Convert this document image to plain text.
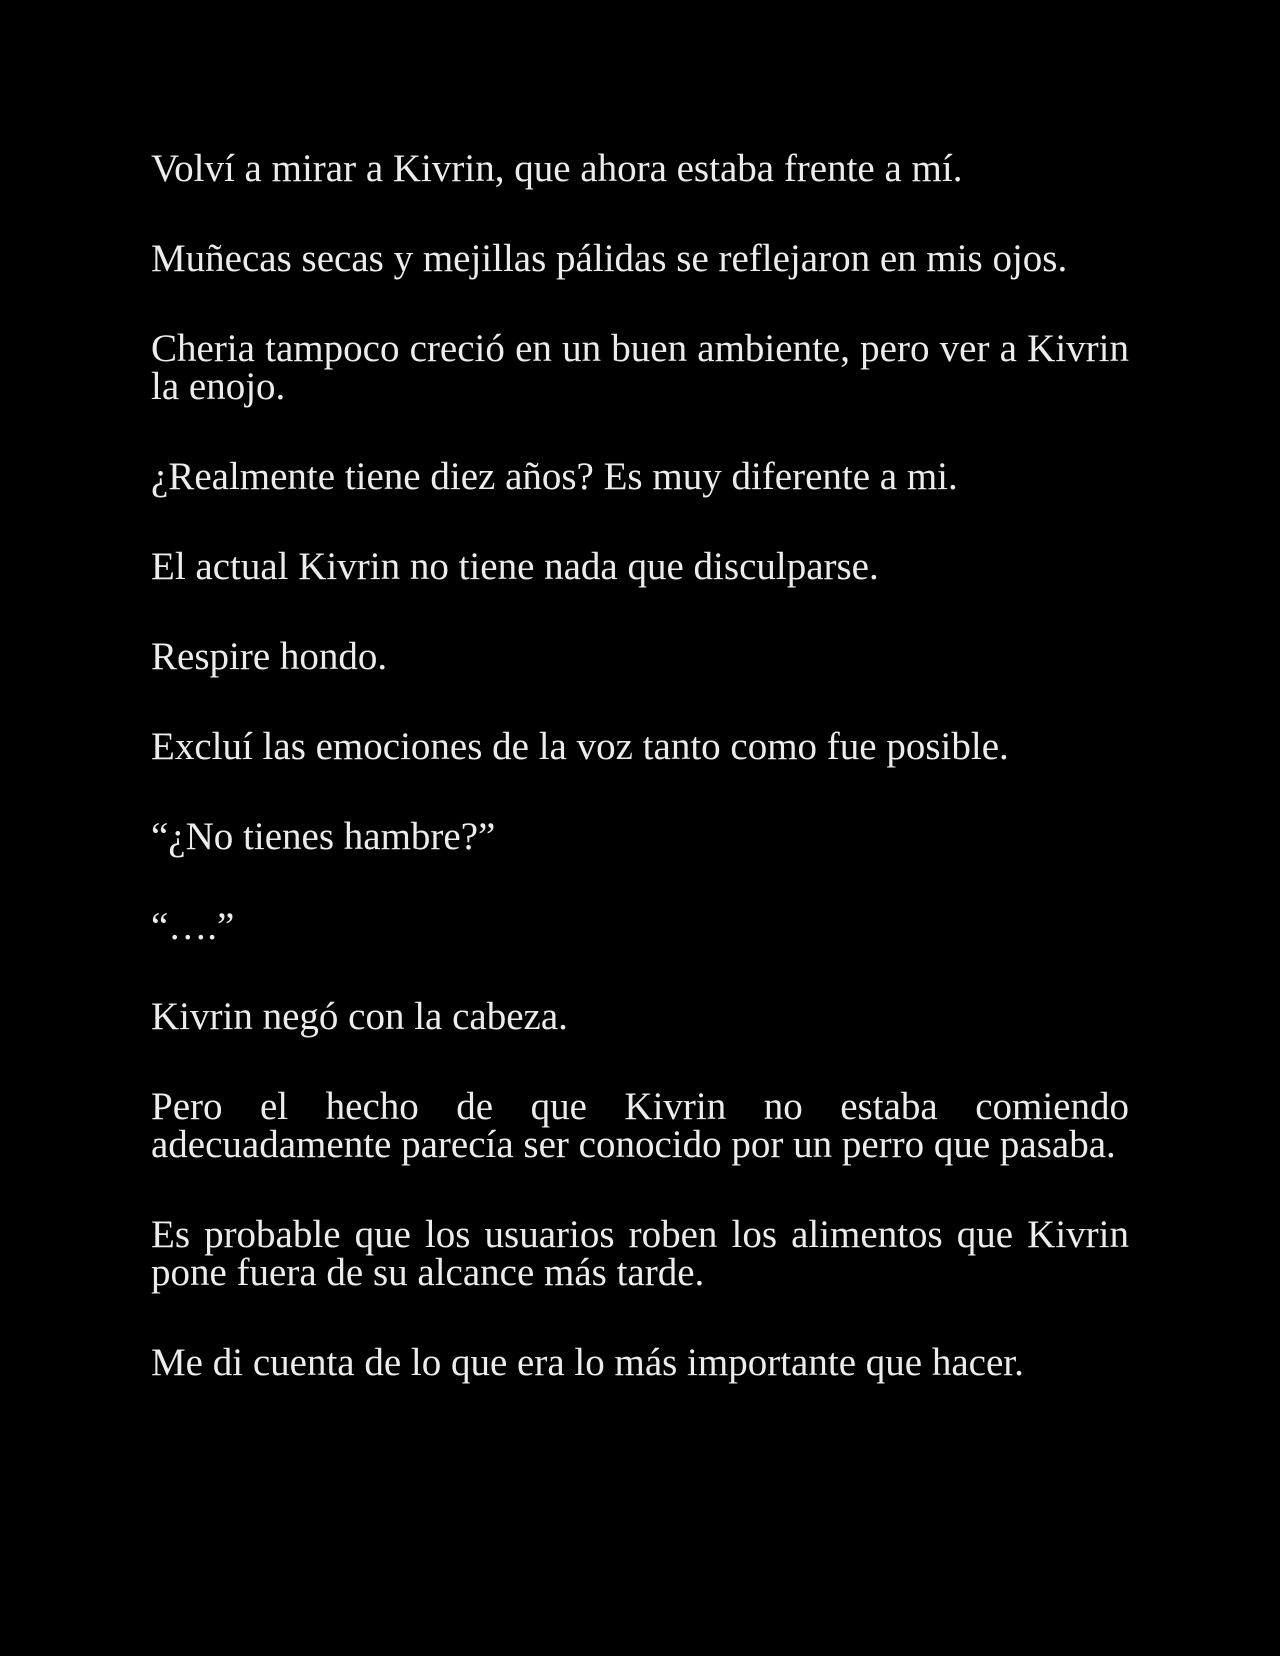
Volví a mirar a Kivrin, que ahora estaba frente a mí.

Muñecas secas y mejillas pálidas se reflejaron en mis ojos.

Cheria tampoco creció en un buen ambiente, pero ver a Kivrin la enojo.

¿Realmente tiene diez años? Es muy diferente a mi.

El actual Kivrin no tiene nada que disculparse.

Respire hondo.

Excluí las emociones de la voz tanto como fue posible.

“¿No tienes hambre?”

“….”

Kivrin negó con la cabeza.

Pero el hecho de que Kivrin no estaba comiendo adecuadamente parecía ser conocido por un perro que pasaba.

Es probable que los usuarios roben los alimentos que Kivrin pone fuera de su alcance más tarde.

Me di cuenta de lo que era lo más importante que hacer.
